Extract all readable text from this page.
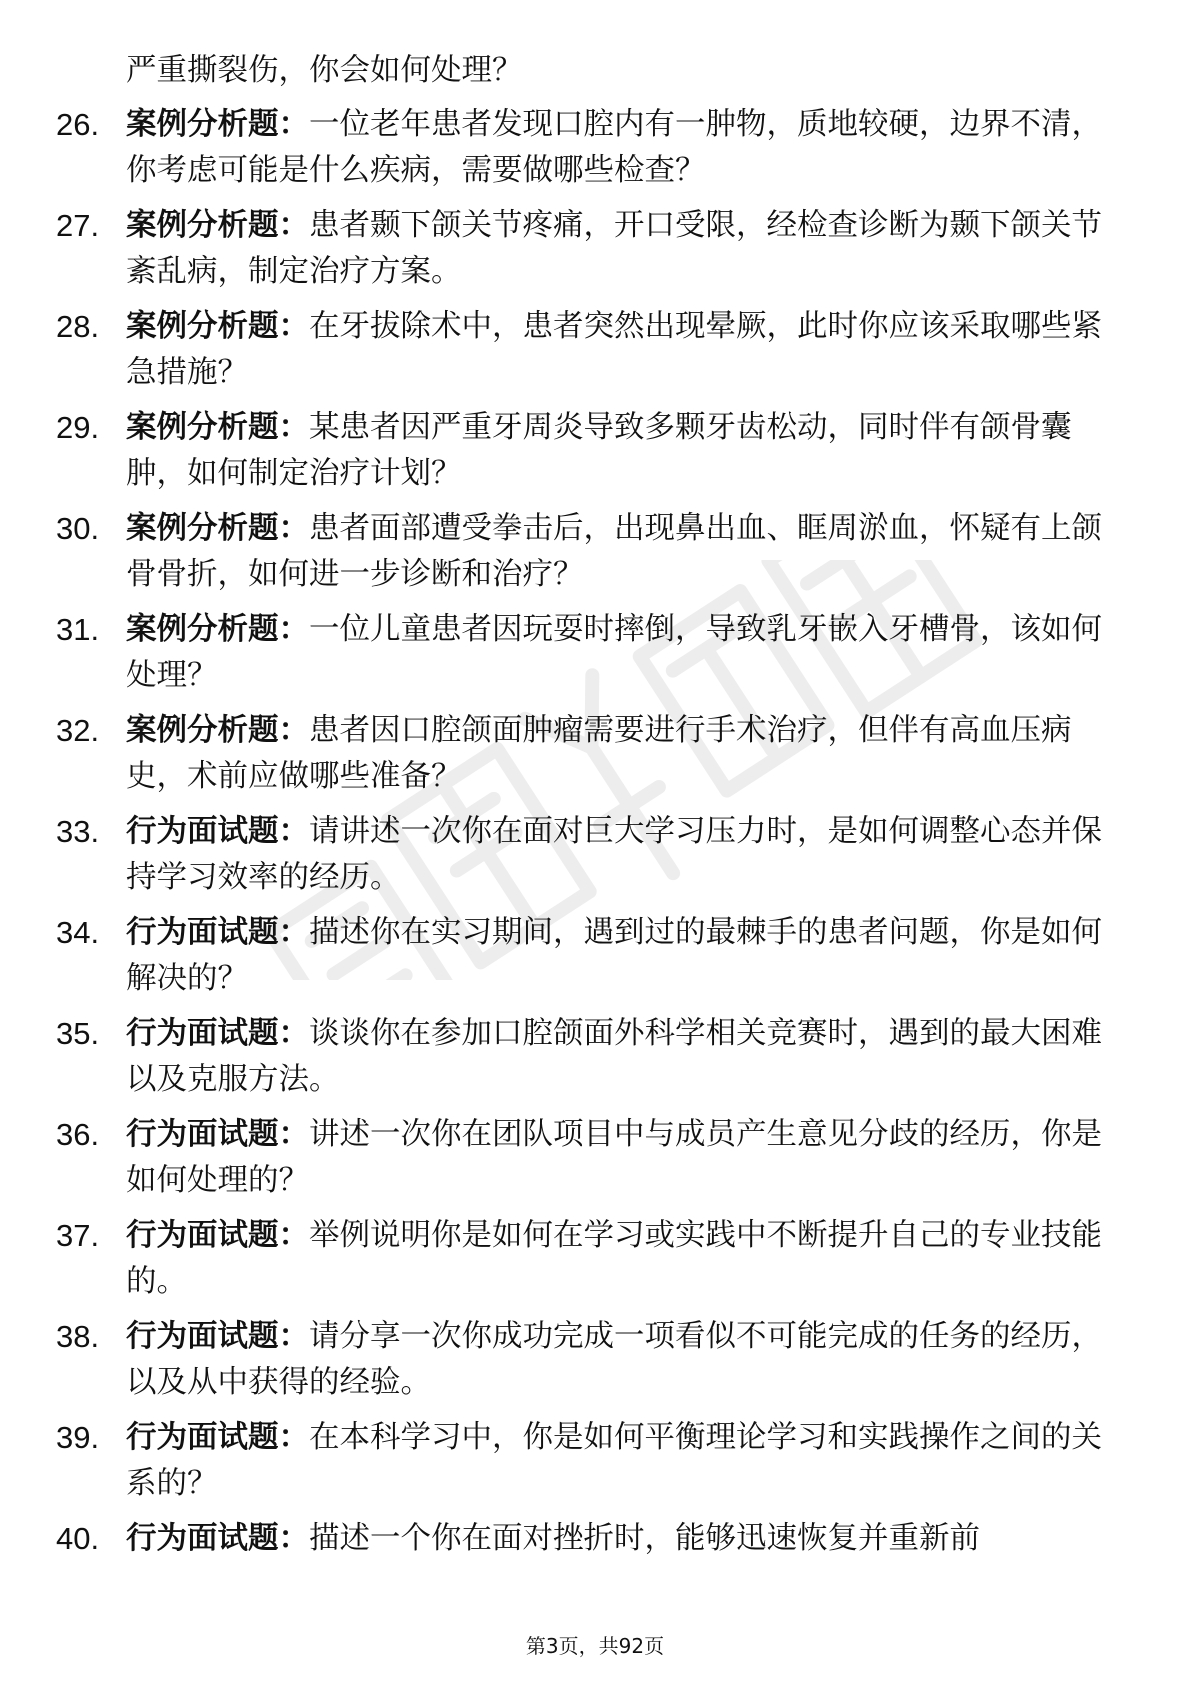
严重撕裂伤，你会如何处理？
26. 案例分析题：一位老年患者发现口腔内有一肿物，质地较硬，边界不清，你考虑可能是什么疾病，需要做哪些检查？
27. 案例分析题：患者颞下颌关节疼痛，开口受限，经检查诊断为颞下颌关节紊乱病，制定治疗方案。
28. 案例分析题：在牙拔除术中，患者突然出现晕厥，此时你应该采取哪些紧急措施？
29. 案例分析题：某患者因严重牙周炎导致多颗牙齿松动，同时伴有颌骨囊肿，如何制定治疗计划？
30. 案例分析题：患者面部遭受拳击后，出现鼻出血、眶周淤血，怀疑有上颌骨骨折，如何进一步诊断和治疗？
31. 案例分析题：一位儿童患者因玩耍时摔倒，导致乳牙嵌入牙槽骨，该如何处理？
32. 案例分析题：患者因口腔颌面肿瘤需要进行手术治疗，但伴有高血压病史，术前应做哪些准备？
33. 行为面试题：请讲述一次你在面对巨大学习压力时，是如何调整心态并保持学习效率的经历。
34. 行为面试题：描述你在实习期间，遇到过的最棘手的患者问题，你是如何解决的？
35. 行为面试题：谈谈你在参加口腔颌面外科学相关竞赛时，遇到的最大困难以及克服方法。
36. 行为面试题：讲述一次你在团队项目中与成员产生意见分歧的经历，你是如何处理的？
37. 行为面试题：举例说明你是如何在学习或实践中不断提升自己的专业技能的。
38. 行为面试题：请分享一次你成功完成一项看似不可能完成的任务的经历，以及从中获得的经验。
39. 行为面试题：在本科学习中，你是如何平衡理论学习和实践操作之间的关系的？
40. 行为面试题：描述一个你在面对挫折时，能够迅速恢复并重新前
第3页，共92页
